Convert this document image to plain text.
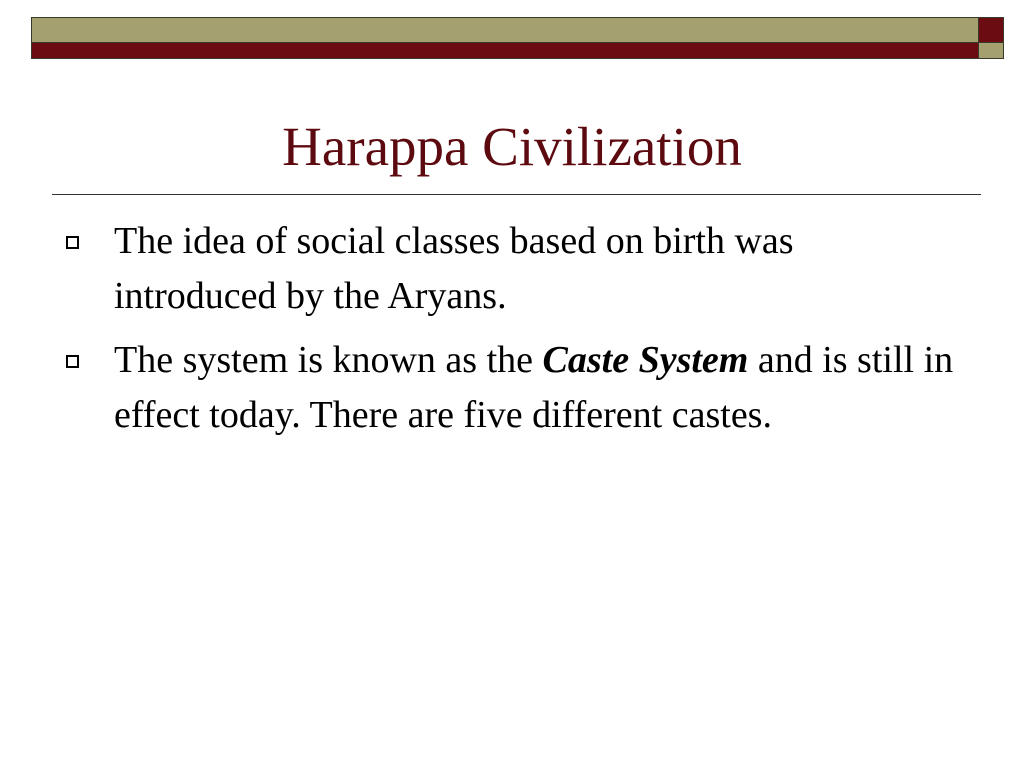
Harappa Civilization
The idea of social classes based on birth was introduced by the Aryans.
The system is known as the Caste System and is still in effect today. There are five different castes.
